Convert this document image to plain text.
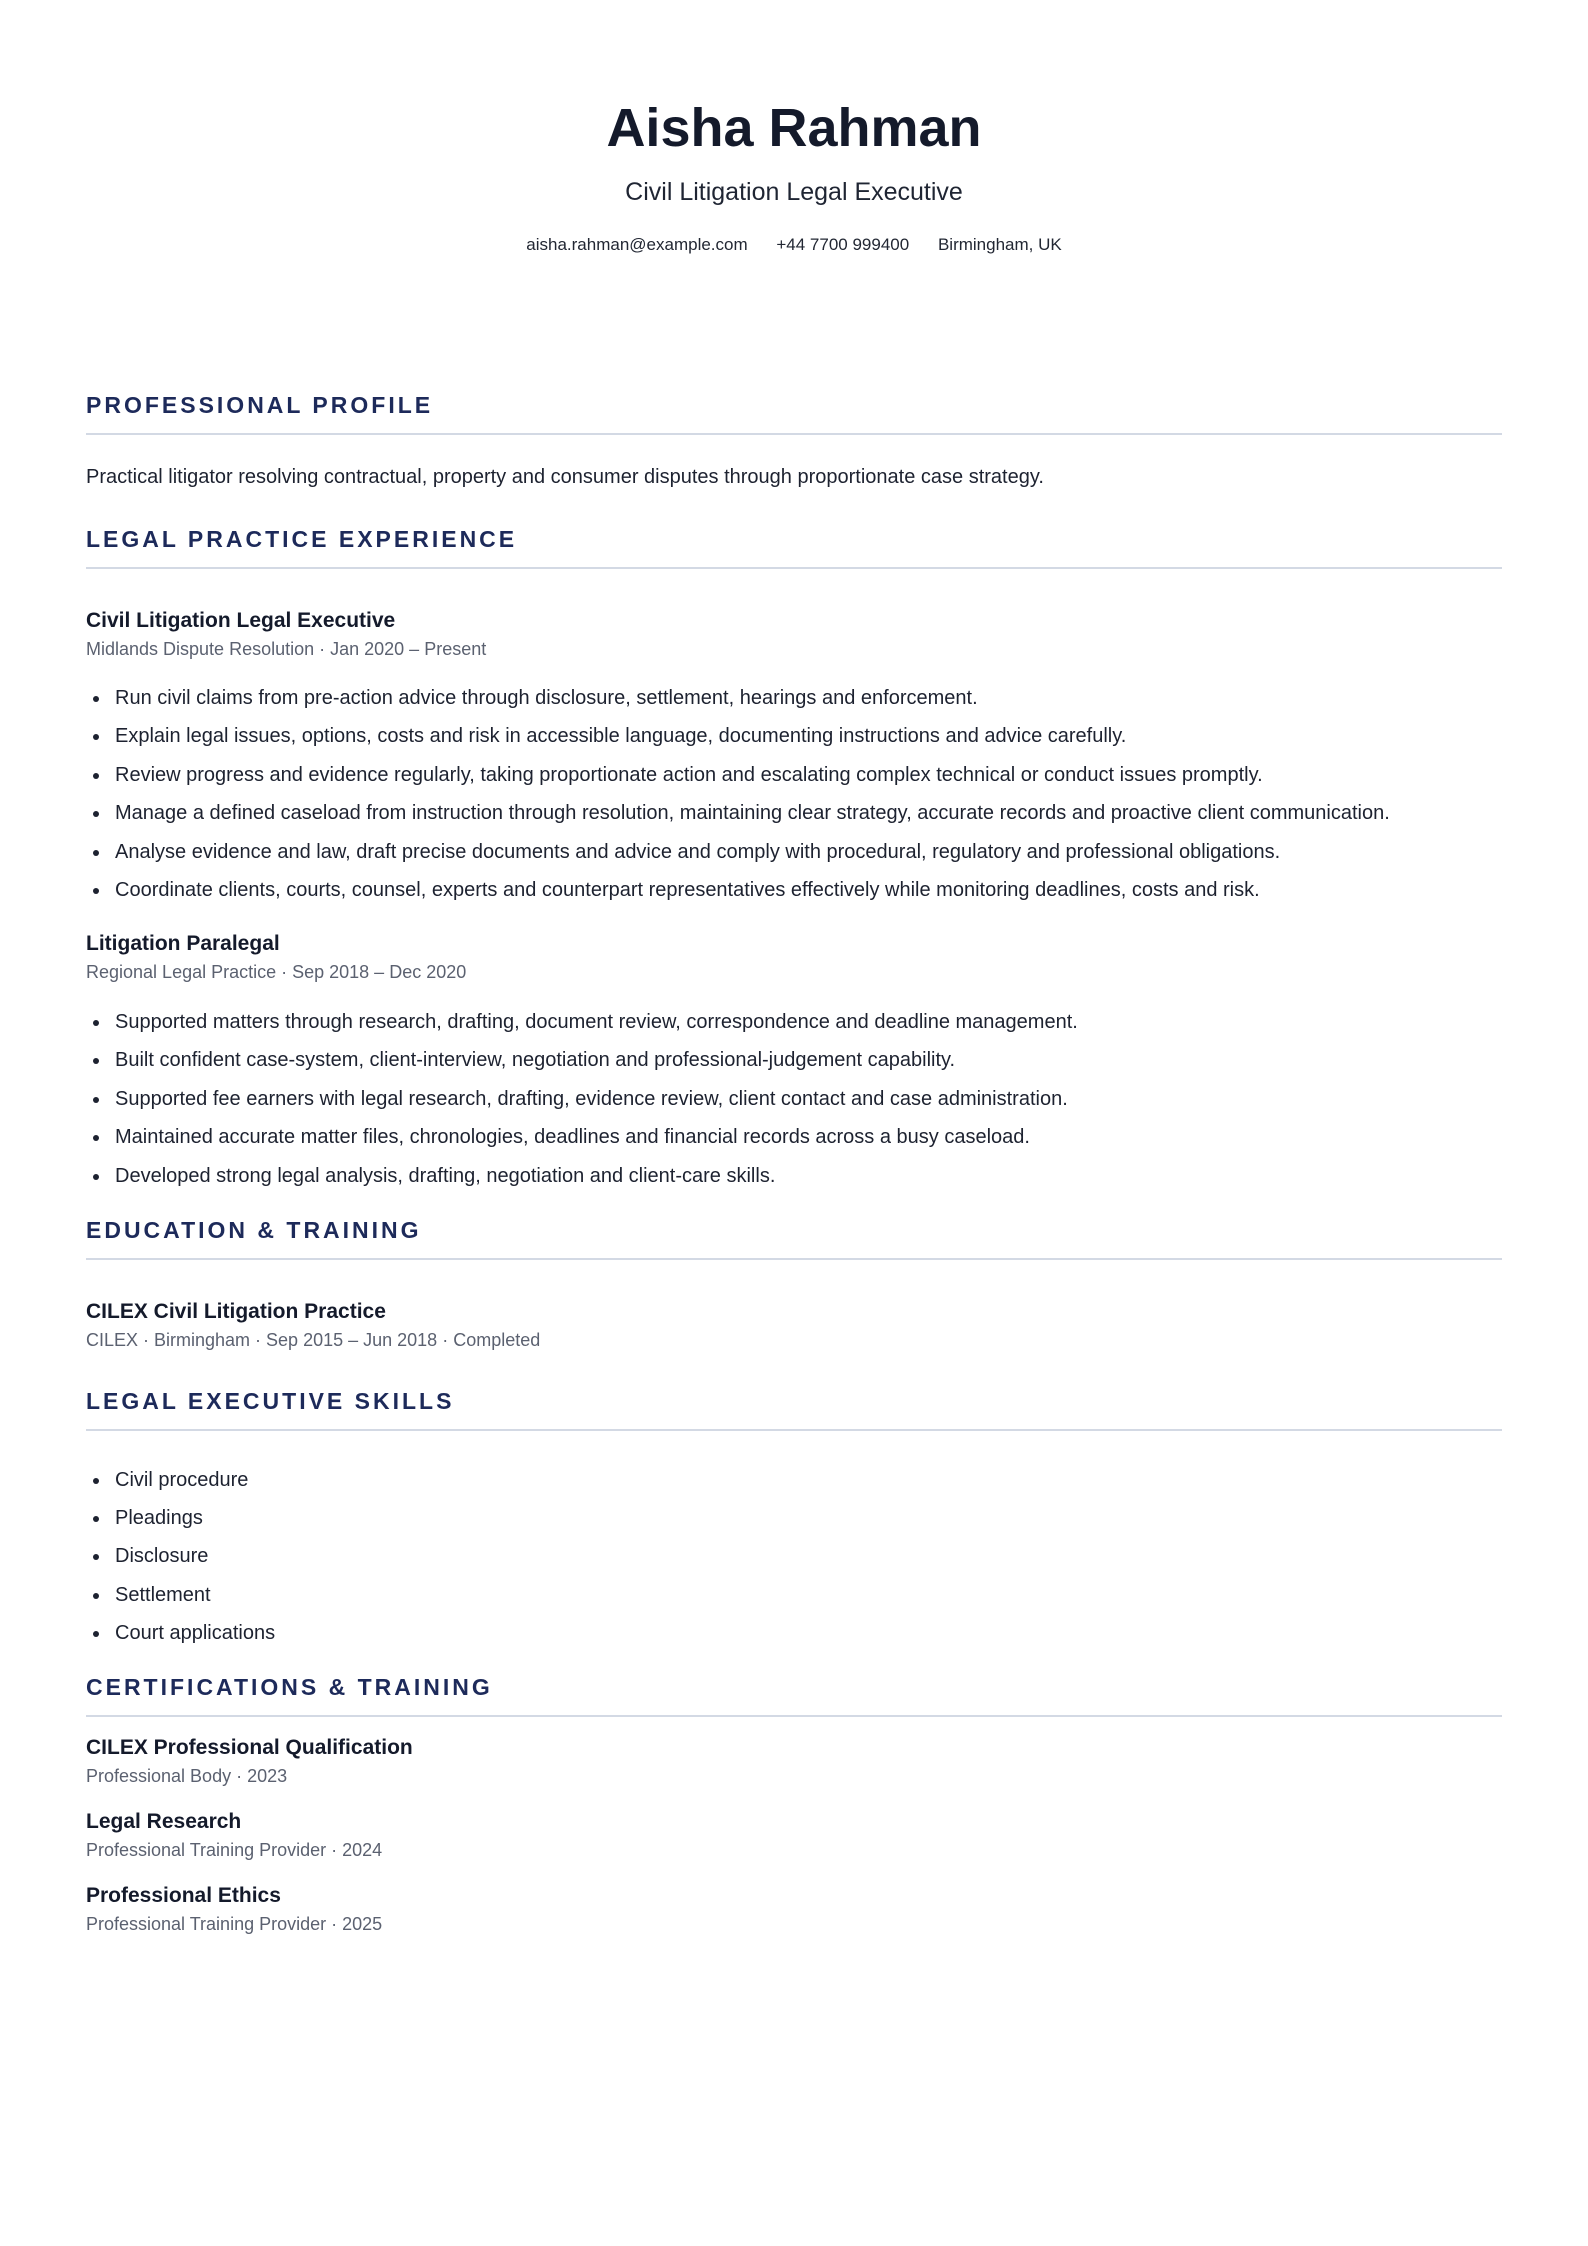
Aisha Rahman
Civil Litigation Legal Executive
aisha.rahman@example.com +44 7700 999400 Birmingham, UK
PROFESSIONAL PROFILE
Practical litigator resolving contractual, property and consumer disputes through proportionate case strategy.
LEGAL PRACTICE EXPERIENCE
Civil Litigation Legal Executive
Midlands Dispute Resolution · Jan 2020 – Present
Run civil claims from pre-action advice through disclosure, settlement, hearings and enforcement.
Explain legal issues, options, costs and risk in accessible language, documenting instructions and advice carefully.
Review progress and evidence regularly, taking proportionate action and escalating complex technical or conduct issues promptly.
Manage a defined caseload from instruction through resolution, maintaining clear strategy, accurate records and proactive client communication.
Analyse evidence and law, draft precise documents and advice and comply with procedural, regulatory and professional obligations.
Coordinate clients, courts, counsel, experts and counterpart representatives effectively while monitoring deadlines, costs and risk.
Litigation Paralegal
Regional Legal Practice · Sep 2018 – Dec 2020
Supported matters through research, drafting, document review, correspondence and deadline management.
Built confident case-system, client-interview, negotiation and professional-judgement capability.
Supported fee earners with legal research, drafting, evidence review, client contact and case administration.
Maintained accurate matter files, chronologies, deadlines and financial records across a busy caseload.
Developed strong legal analysis, drafting, negotiation and client-care skills.
EDUCATION & TRAINING
CILEX Civil Litigation Practice
CILEX · Birmingham · Sep 2015 – Jun 2018 · Completed
LEGAL EXECUTIVE SKILLS
Civil procedure
Pleadings
Disclosure
Settlement
Court applications
CERTIFICATIONS & TRAINING
CILEX Professional Qualification
Professional Body · 2023
Legal Research
Professional Training Provider · 2024
Professional Ethics
Professional Training Provider · 2025
